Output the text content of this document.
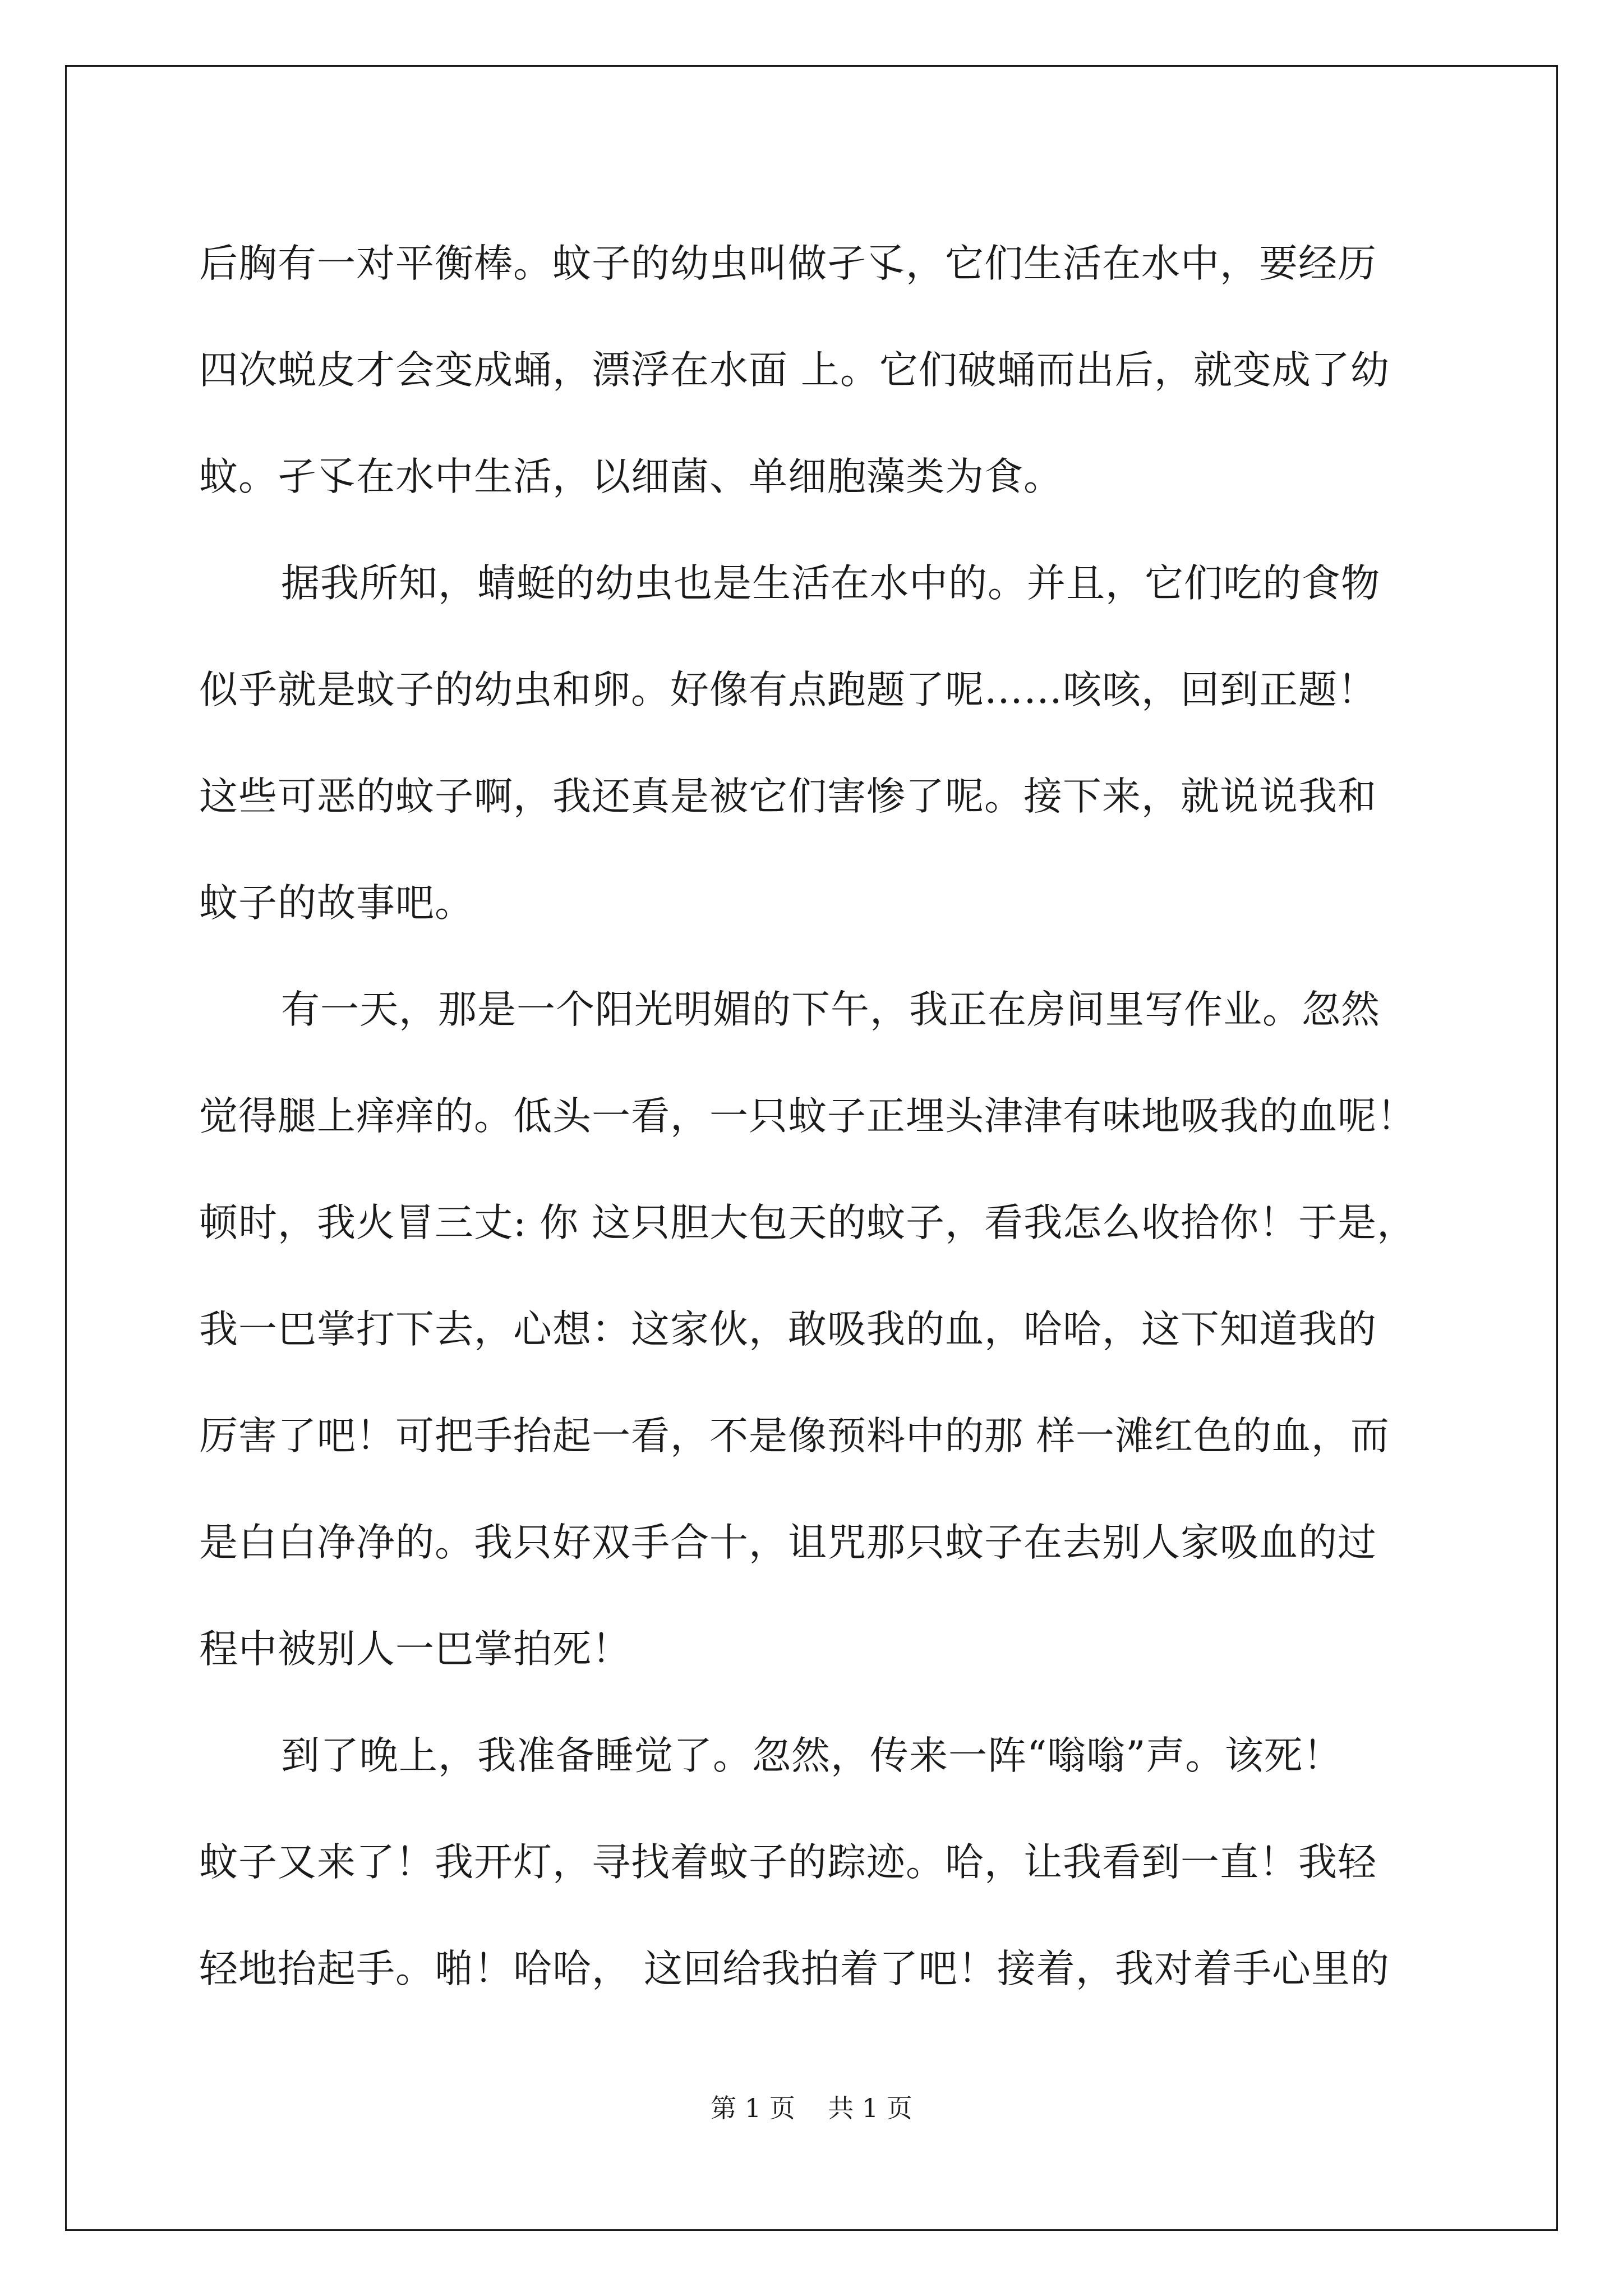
后胸有一对平衡棒。蚊子的幼虫叫做孑孓，它们生活在水中，要经历
四次蜕皮才会变成蛹，漂浮在水面 上。它们破蛹而出后，就变成了幼
蚊。孑孓在水中生活，以细菌、单细胞藻类为食。
据我所知，蜻蜓的幼虫也是生活在水中的。并且，它们吃的食物
似乎就是蚊子的幼虫和卵。好像有点跑题了呢……咳咳，回到正题！
这些可恶的蚊子啊，我还真是被它们害惨了呢。接下来，就说说我和
蚊子的故事吧。
有一天，那是一个阳光明媚的下午，我正在房间里写作业。忽然
觉得腿上痒痒的。低头一看，一只蚊子正埋头津津有味地吸我的血呢！
顿时，我火冒三丈: 你 这只胆大包天的蚊子，看我怎么收拾你！于是，
我一巴掌打下去，心想：这家伙，敢吸我的血，哈哈，这下知道我的
厉害了吧！可把手抬起一看，不是像预料中的那 样一滩红色的血，而
是白白净净的。我只好双手合十，诅咒那只蚊子在去别人家吸血的过
程中被别人一巴掌拍死！
到了晚上，我准备睡觉了。忽然，传来一阵“嗡嗡”声。该死！
蚊子又来了！我开灯，寻找着蚊子的踪迹。哈，让我看到一直！我轻
轻地抬起手。啪！哈哈， 这回给我拍着了吧！接着，我对着手心里的
第 1 页    共 1 页
